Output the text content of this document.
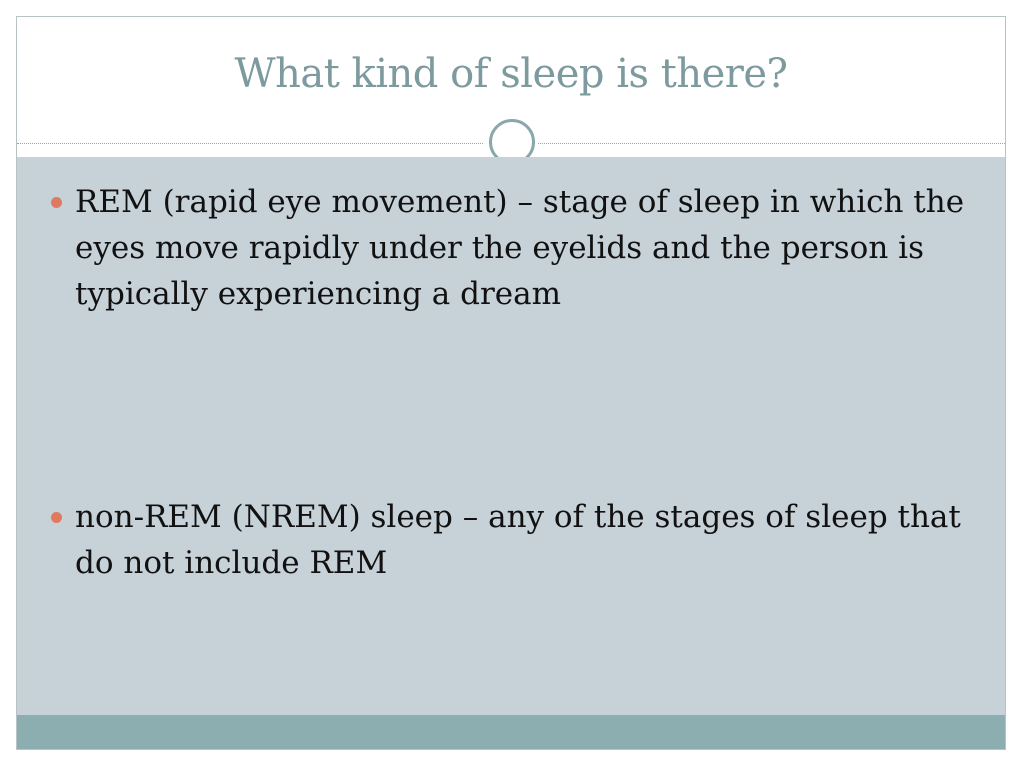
What kind of sleep is there?
REM (rapid eye movement) – stage of sleep in which the eyes move rapidly under the eyelids and the person is typically experiencing a dream
non-REM (NREM) sleep – any of the stages of sleep that do not include REM
